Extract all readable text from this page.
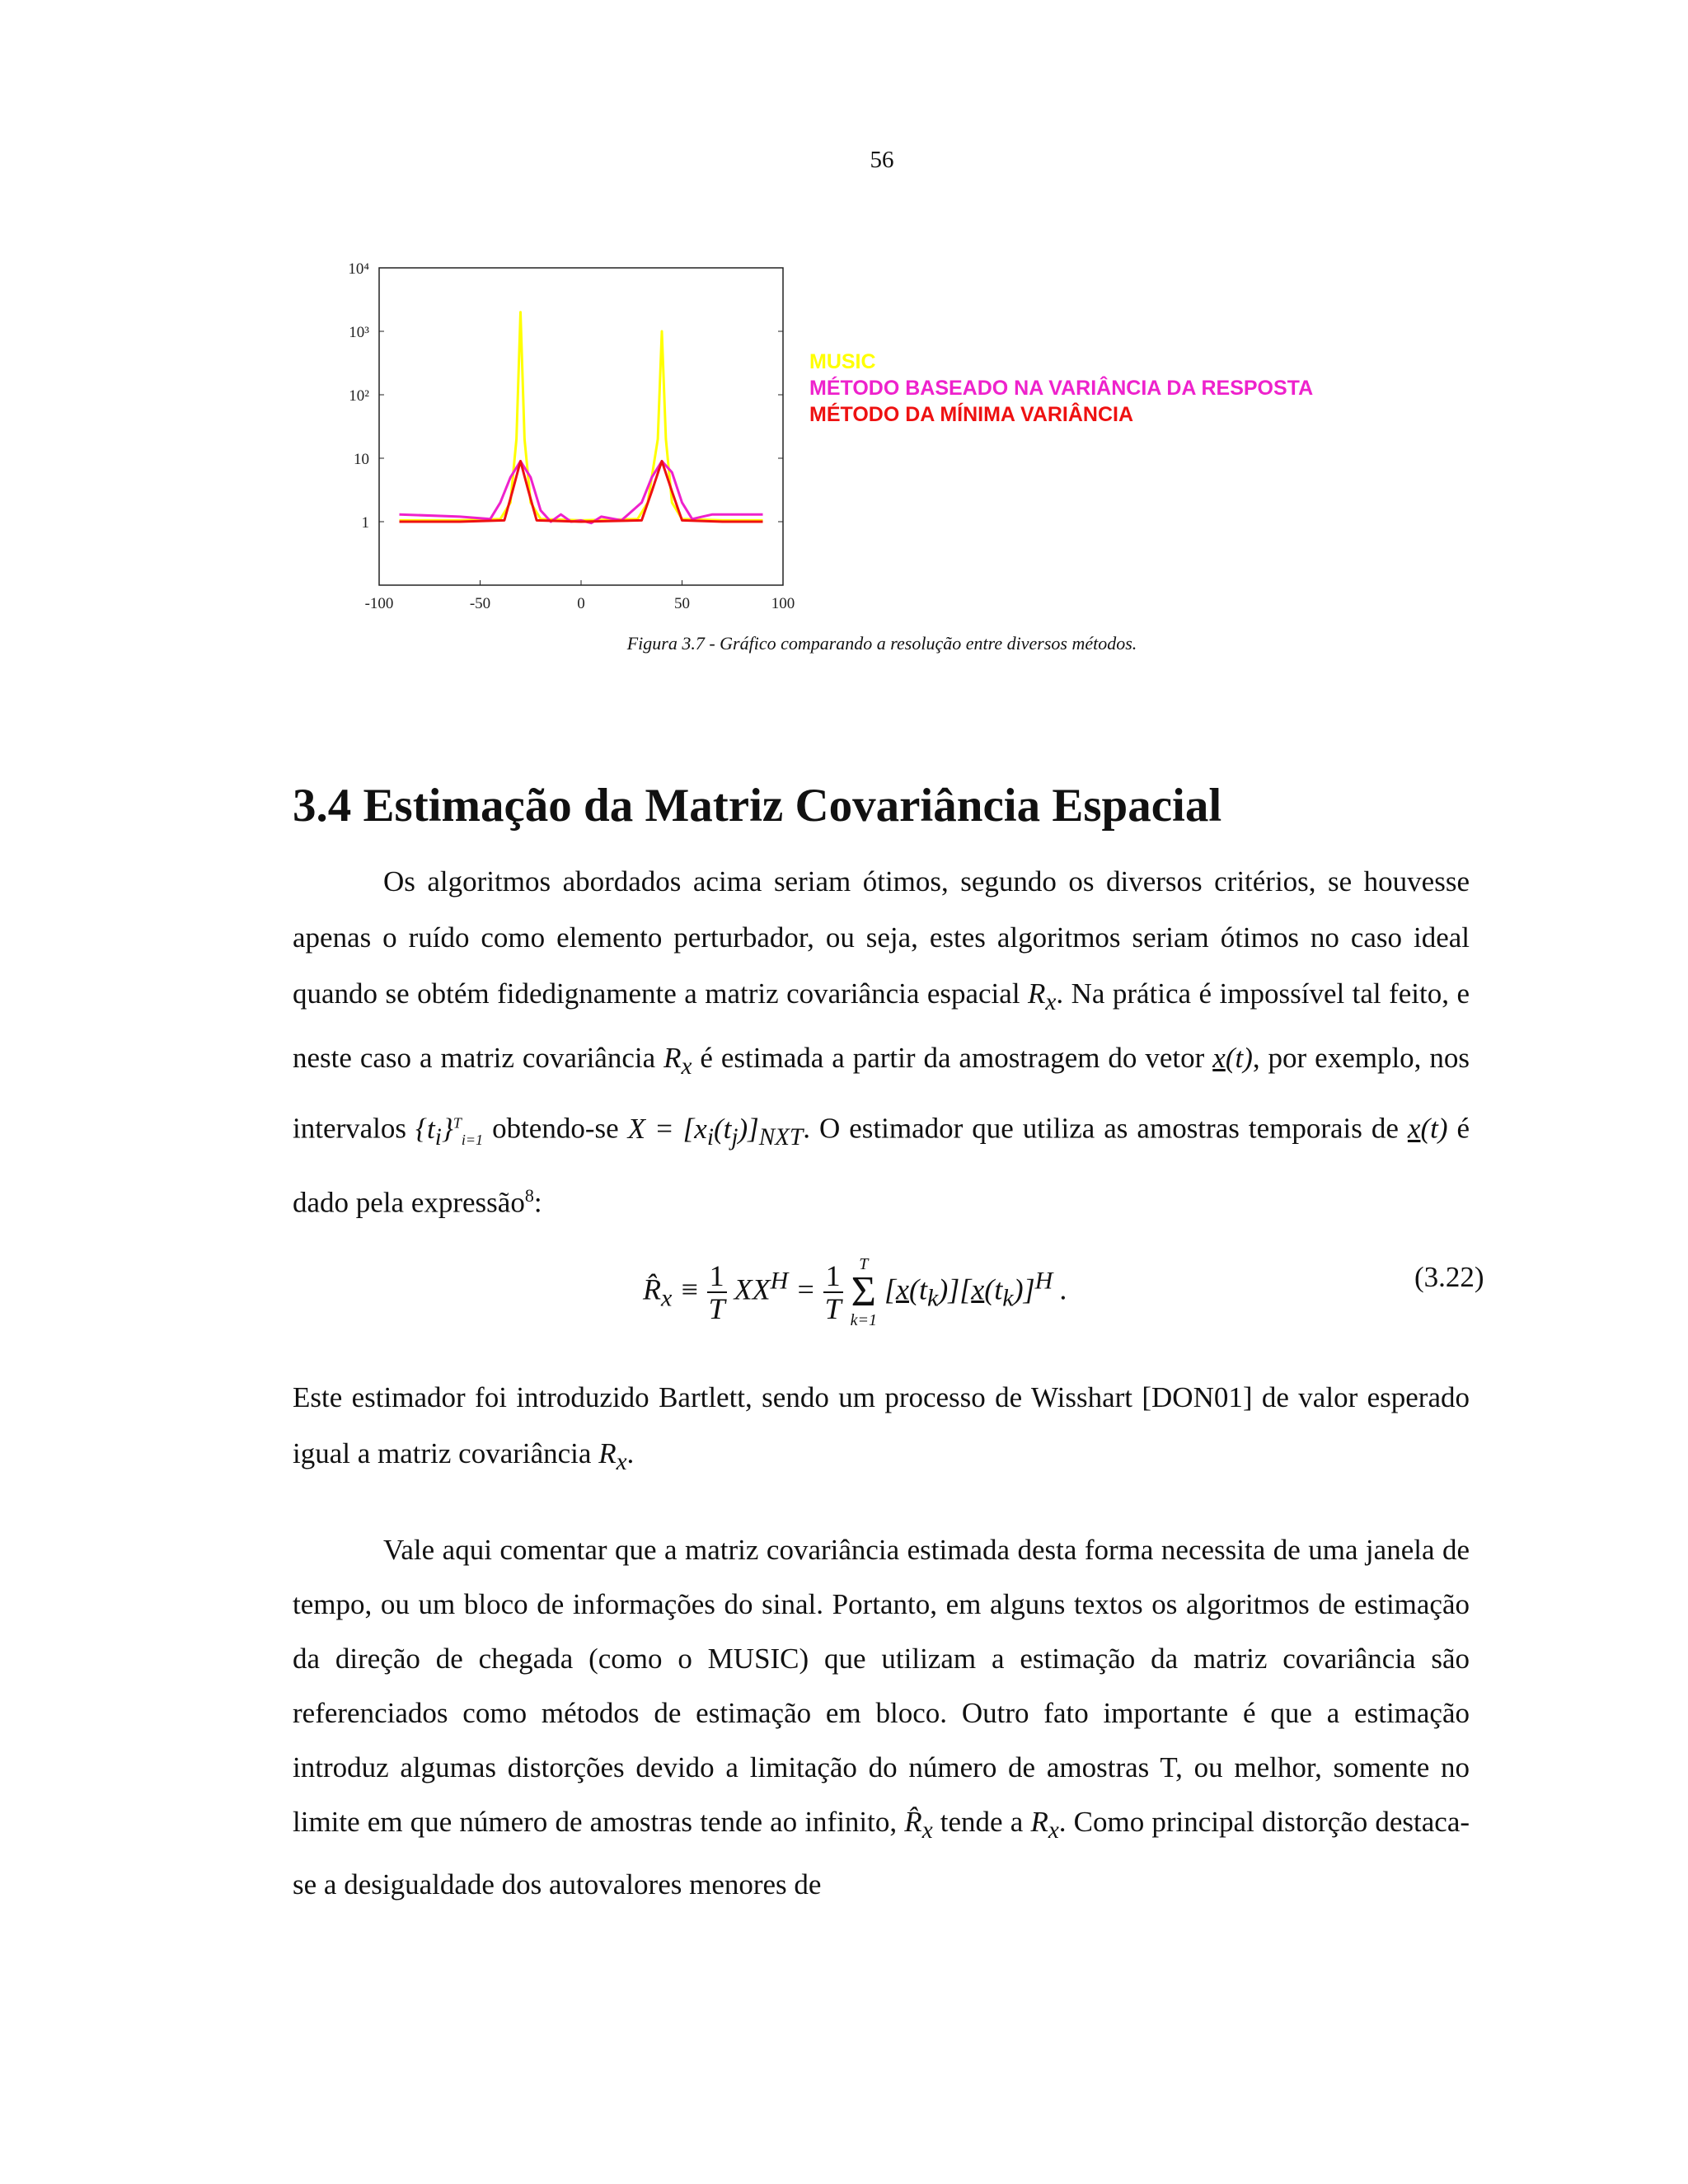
56
-100	-50	0	50	100
1
10
10²
10³
10⁴
MUSIC
MÉTODO BASEADO NA VARIÂNCIA DA RESPOSTA
MÉTODO DA MÍNIMA VARIÂNCIA
Figura 3.7 - Gráfico comparando a resolução entre diversos métodos.
3.4 Estimação da Matriz Covariância Espacial

Os algoritmos abordados acima seriam ótimos, segundo os diversos critérios, se houvesse apenas o ruído como elemento perturbador, ou seja, estes algoritmos seriam ótimos no caso ideal quando se obtém fidedignamente a matriz covariância espacial $R_x$. Na prática é impossível tal feito, e neste caso a matriz covariância $R_x$ é estimada a partir da amostragem do vetor x(t), por exemplo, nos intervalos $\{t_i\}^T_{i=1}$ obtendo-se $X = [x_i(t_j)]_{NXT}$. O estimador que utiliza as amostras temporais de x(t) é dado pela expressão$^8$:

$R̂_x \equiv \frac{1}{T} XX^H = \frac{1}{T}$
T
Σ
k=1
$[x(t_k)][x(t_k)]^H$ .	(3.22)

Este estimador foi introduzido Bartlett, sendo um processo de Wisshart [DON01] de valor esperado igual a matriz covariância $R_x$.

Vale aqui comentar que a matriz covariância estimada desta forma necessita de uma janela de tempo, ou um bloco de informações do sinal. Portanto, em alguns textos os algoritmos de estimação da direção de chegada (como o MUSIC) que utilizam a estimação da matriz covariância são referenciados como métodos de estimação em bloco. Outro fato importante é que a estimação introduz algumas distorções devido a limitação do número de amostras T, ou melhor, somente no limite em que número de amostras tende ao infinito, $R̂_x$ tende a $R_x$. Como principal distorção destaca-se a desigualdade dos autovalores menores de
